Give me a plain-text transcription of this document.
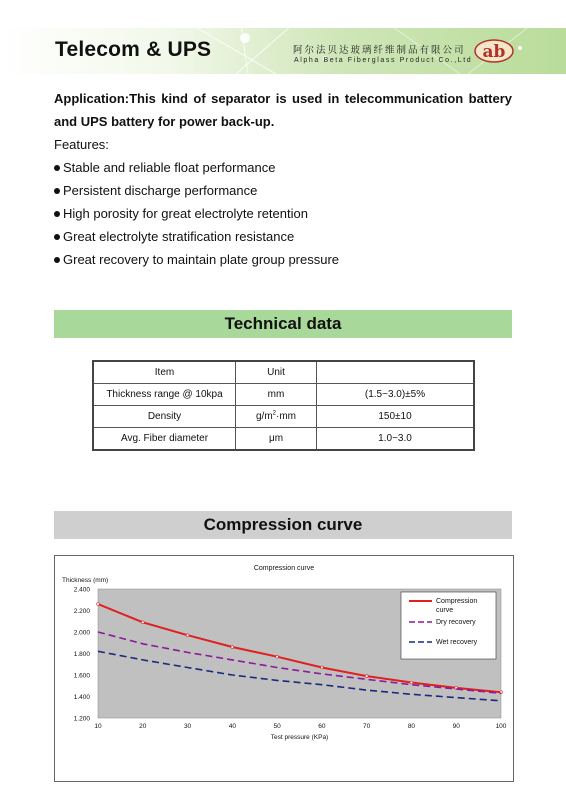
Telecom & UPS	阿尔法贝达玻璃纤维制品有限公司
Alpha Beta Fiberglass Product Co.,Ltd ab
Application:This kind of separator is used in telecommunication battery and UPS battery for power back-up.
Features:
Stable and reliable float performance
Persistent discharge performance
High porosity for great electrolyte retention
Great electrolyte stratification resistance
Great recovery to maintain plate group pressure
Technical data
Item	Unit	
Thickness range @ 10kpa	mm	(1.5~3.0)±5%
Density	$g/m^2\cdot mm$	150±10
Avg. Fiber diameter	μm	1.0~3.0
Compression curve
Compression curve
Thickness (mm)
Test pressure (KPa)
1.200
1.400
1.600
1.800
2.000
2.200
2.400
10	20	30	40	50	60	70	80	90	100
Compression curve
Dry recovery
Wet recovery
